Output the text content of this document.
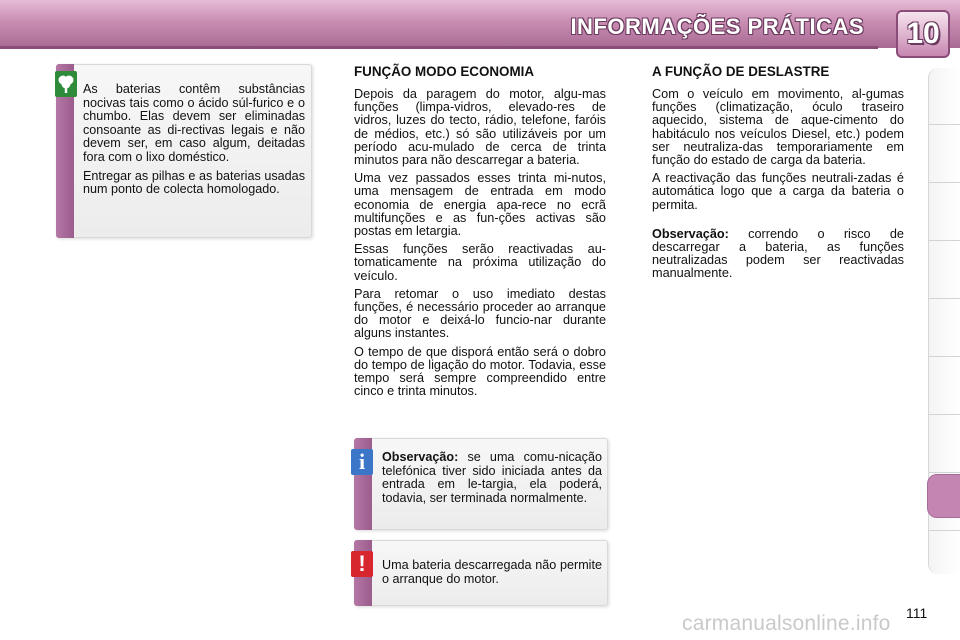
INFORMAÇÕES PRÁTICAS	10

As baterias contêm substâncias nocivas tais como o ácido súl-furico e o chumbo. Elas devem ser eliminadas consoante as di-rectivas legais e não devem ser, em caso algum, deitadas fora com o lixo doméstico.

Entregar as pilhas e as baterias usadas num ponto de colecta homologado.

FUNÇÃO MODO ECONOMIA

Depois da paragem do motor, algu-mas funções (limpa-vidros, elevado-res de vidros, luzes do tecto, rádio, telefone, faróis de médios, etc.) só são utilizáveis por um período acu-mulado de cerca de trinta minutos para não descarregar a bateria.

Uma vez passados esses trinta mi-nutos, uma mensagem de entrada em modo economia de energia apa-rece no ecrã multifunções e as fun-ções activas são postas em letargia.

Essas funções serão reactivadas au-tomaticamente na próxima utilização do veículo.

Para retomar o uso imediato destas funções, é necessário proceder ao arranque do motor e deixá-lo funcio-nar durante alguns instantes.

O tempo de que disporá então será o dobro do tempo de ligação do motor. Todavia, esse tempo será sempre compreendido entre cinco e trinta minutos.

i	Observação: se uma comu-nicação telefónica tiver sido iniciada antes da entrada em le-targia, ela poderá, todavia, ser terminada normalmente.
!	Uma bateria descarregada não permite o arranque do motor.
A FUNÇÃO DE DESLASTRE

Com o veículo em movimento, al-gumas funções (climatização, óculo traseiro aquecido, sistema de aque-cimento do habitáculo nos veículos Diesel, etc.) podem ser neutraliza-das temporariamente em função do estado de carga da bateria.

A reactivação das funções neutrali-zadas é automática logo que a carga da bateria o permita.

Observação: correndo o risco de descarregar a bateria, as funções neutralizadas podem ser reactivadas manualmente.

111
carmanualsonline.info
